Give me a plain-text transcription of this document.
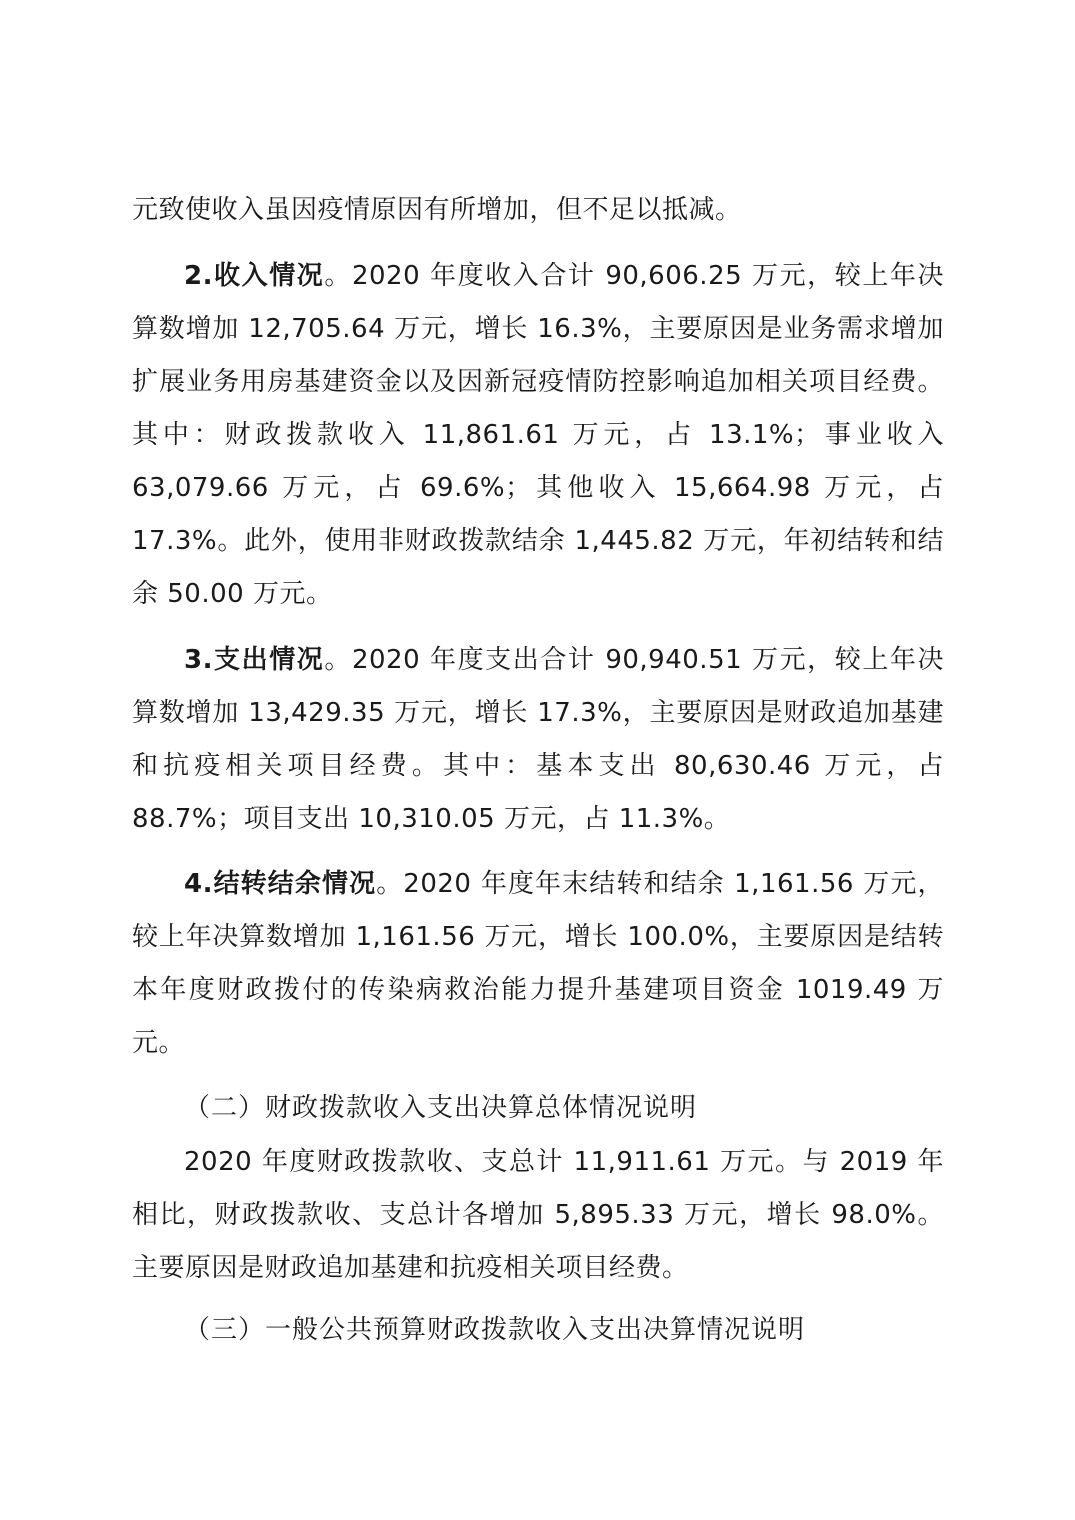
元致使收入虽因疫情原因有所增加，但不足以抵减。

2.收入情况。2020 年度收入合计 90,606.25 万元，较上年决算数增加 12,705.64 万元，增长 16.3%，主要原因是业务需求增加扩展业务用房基建资金以及因新冠疫情防控影响追加相关项目经费。其中：财政拨款收入 11,861.61 万元，占 13.1%；事业收入 63,079.66 万元，占 69.6%；其他收入 15,664.98 万元，占 17.3%。此外，使用非财政拨款结余 1,445.82 万元，年初结转和结余 50.00 万元。

3.支出情况。2020 年度支出合计 90,940.51 万元，较上年决算数增加 13,429.35 万元，增长 17.3%，主要原因是财政追加基建和抗疫相关项目经费。其中：基本支出 80,630.46 万元，占 88.7%；项目支出 10,310.05 万元，占 11.3%。

4.结转结余情况。2020 年度年末结转和结余 1,161.56 万元，较上年决算数增加 1,161.56 万元，增长 100.0%，主要原因是结转本年度财政拨付的传染病救治能力提升基建项目资金 1019.49 万元。

（二）财政拨款收入支出决算总体情况说明

2020 年度财政拨款收、支总计 11,911.61 万元。与 2019 年相比，财政拨款收、支总计各增加 5,895.33 万元，增长 98.0%。主要原因是财政追加基建和抗疫相关项目经费。

（三）一般公共预算财政拨款收入支出决算情况说明
